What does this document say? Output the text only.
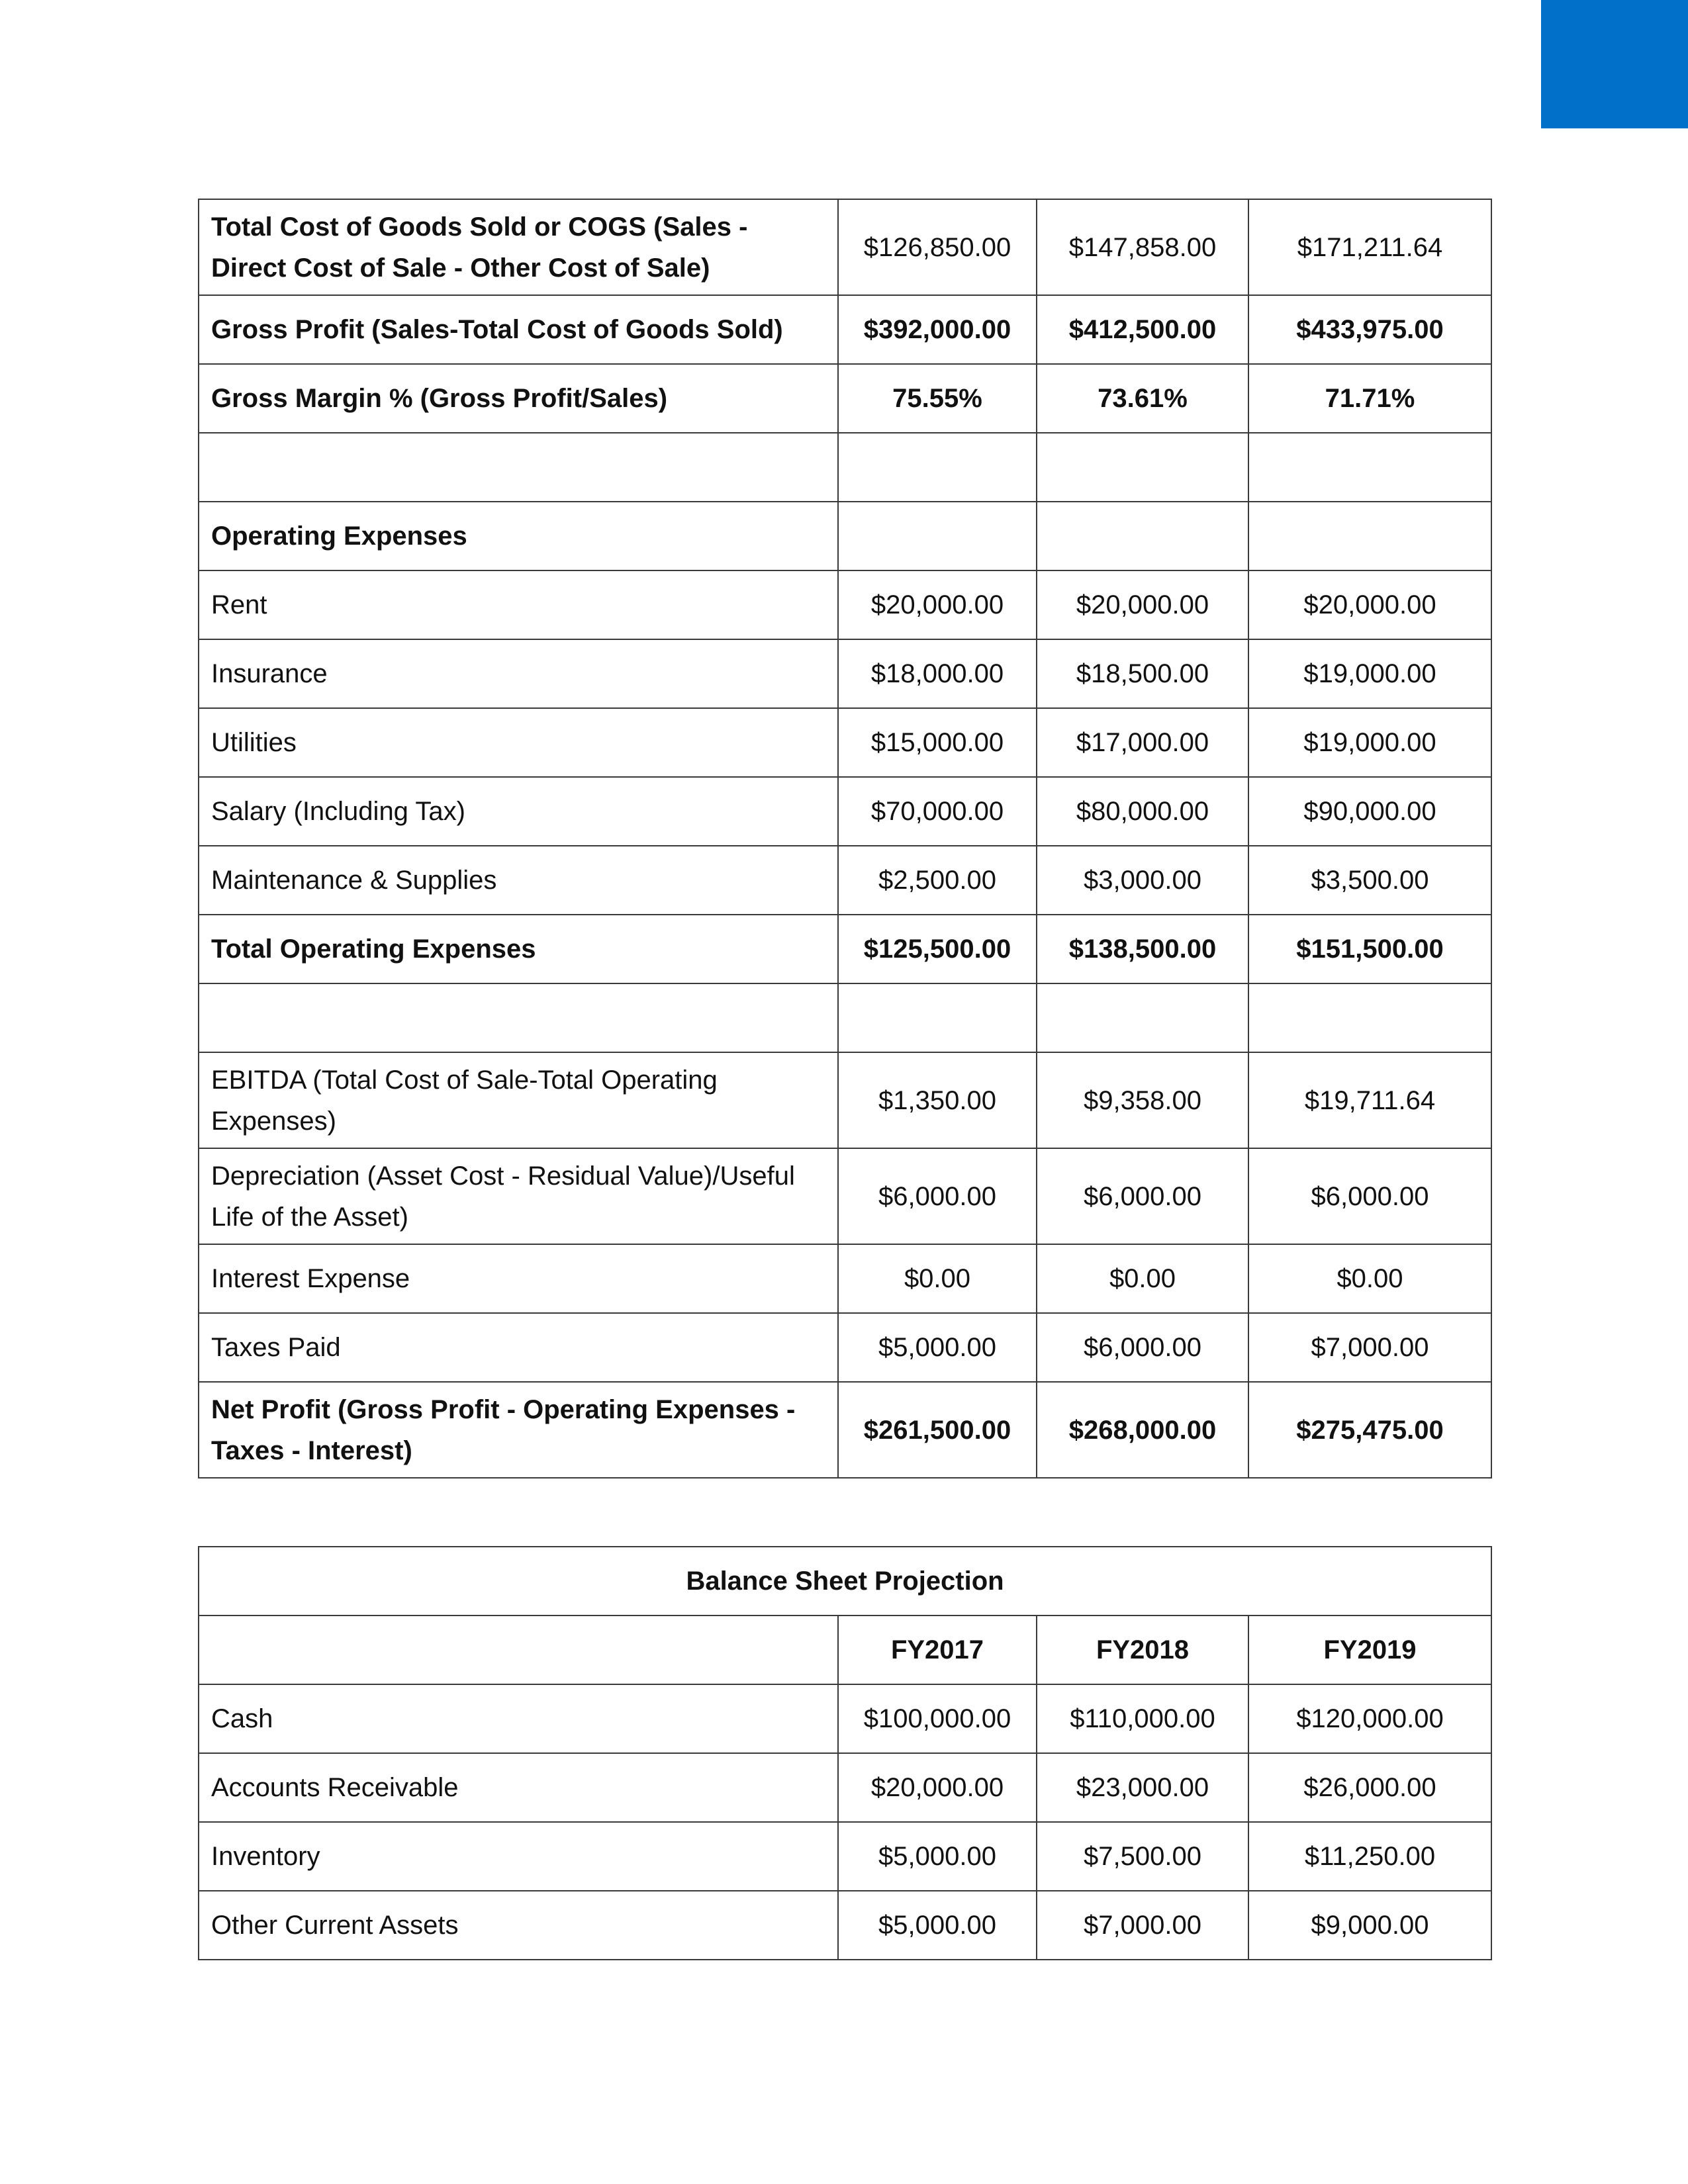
Total Cost of Goods Sold or COGS (Sales - Direct Cost of Sale - Other Cost of Sale)	$126,850.00	$147,858.00	$171,211.64
Gross Profit (Sales-Total Cost of Goods Sold)	$392,000.00	$412,500.00	$433,975.00
Gross Margin % (Gross Profit/Sales)	75.55%	73.61%	71.71%

Operating Expenses			
Rent	$20,000.00	$20,000.00	$20,000.00
Insurance	$18,000.00	$18,500.00	$19,000.00
Utilities	$15,000.00	$17,000.00	$19,000.00
Salary (Including Tax)	$70,000.00	$80,000.00	$90,000.00
Maintenance & Supplies	$2,500.00	$3,000.00	$3,500.00
Total Operating Expenses	$125,500.00	$138,500.00	$151,500.00

EBITDA (Total Cost of Sale-Total Operating Expenses)	$1,350.00	$9,358.00	$19,711.64
Depreciation (Asset Cost - Residual Value)/Useful Life of the Asset)	$6,000.00	$6,000.00	$6,000.00
Interest Expense	$0.00	$0.00	$0.00
Taxes Paid	$5,000.00	$6,000.00	$7,000.00
Net Profit (Gross Profit - Operating Expenses - Taxes - Interest)	$261,500.00	$268,000.00	$275,475.00
Balance Sheet Projection			
	FY2017	FY2018	FY2019
Cash	$100,000.00	$110,000.00	$120,000.00
Accounts Receivable	$20,000.00	$23,000.00	$26,000.00
Inventory	$5,000.00	$7,500.00	$11,250.00
Other Current Assets	$5,000.00	$7,000.00	$9,000.00
